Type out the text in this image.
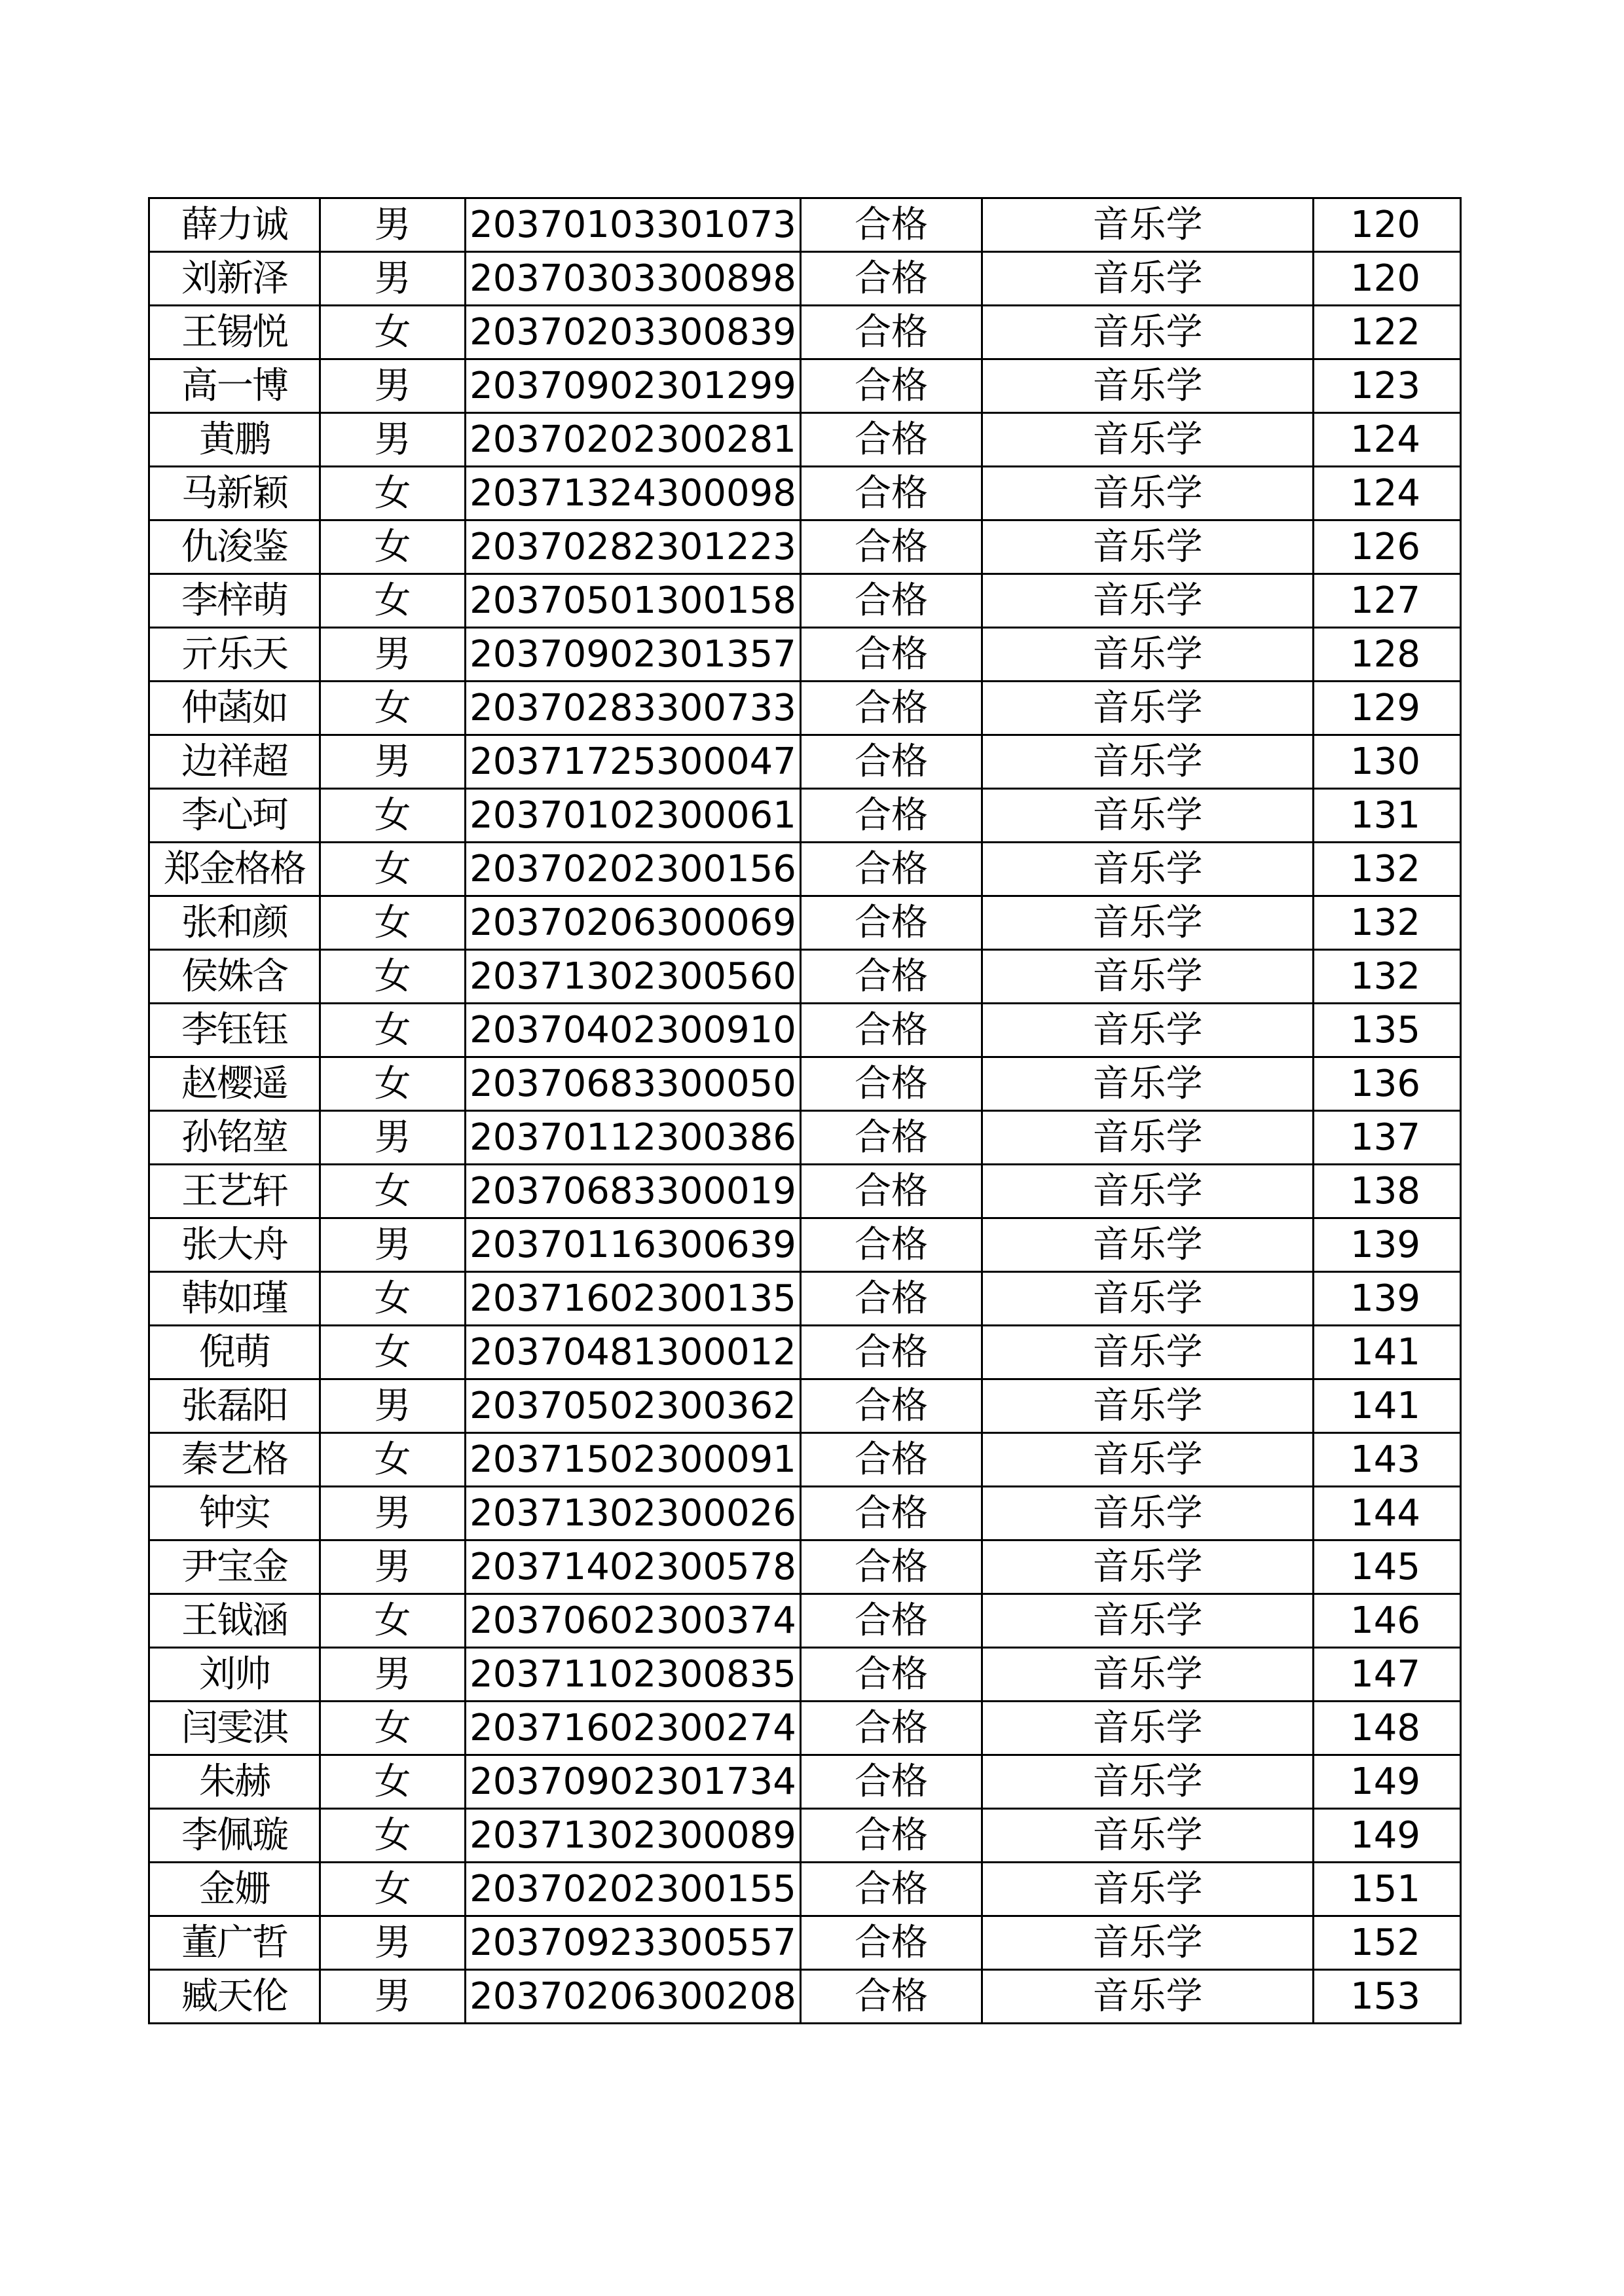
薛力诚	男	20370103301073	合格	音乐学	120
刘新泽	男	20370303300898	合格	音乐学	120
王锡悦	女	20370203300839	合格	音乐学	122
高一博	男	20370902301299	合格	音乐学	123
黄鹏	男	20370202300281	合格	音乐学	124
马新颖	女	20371324300098	合格	音乐学	124
仇浚鉴	女	20370282301223	合格	音乐学	126
李梓萌	女	20370501300158	合格	音乐学	127
亓乐天	男	20370902301357	合格	音乐学	128
仲菡如	女	20370283300733	合格	音乐学	129
边祥超	男	20371725300047	合格	音乐学	130
李心珂	女	20370102300061	合格	音乐学	131
郑金格格	女	20370202300156	合格	音乐学	132
张和颜	女	20370206300069	合格	音乐学	132
侯姝含	女	20371302300560	合格	音乐学	132
李钰钰	女	20370402300910	合格	音乐学	135
赵樱遥	女	20370683300050	合格	音乐学	136
孙铭堃	男	20370112300386	合格	音乐学	137
王艺轩	女	20370683300019	合格	音乐学	138
张大舟	男	20370116300639	合格	音乐学	139
韩如瑾	女	20371602300135	合格	音乐学	139
倪萌	女	20370481300012	合格	音乐学	141
张磊阳	男	20370502300362	合格	音乐学	141
秦艺格	女	20371502300091	合格	音乐学	143
钟实	男	20371302300026	合格	音乐学	144
尹宝金	男	20371402300578	合格	音乐学	145
王钺涵	女	20370602300374	合格	音乐学	146
刘帅	男	20371102300835	合格	音乐学	147
闫雯淇	女	20371602300274	合格	音乐学	148
朱赫	女	20370902301734	合格	音乐学	149
李佩璇	女	20371302300089	合格	音乐学	149
金姗	女	20370202300155	合格	音乐学	151
董广哲	男	20370923300557	合格	音乐学	152
臧天伦	男	20370206300208	合格	音乐学	153
